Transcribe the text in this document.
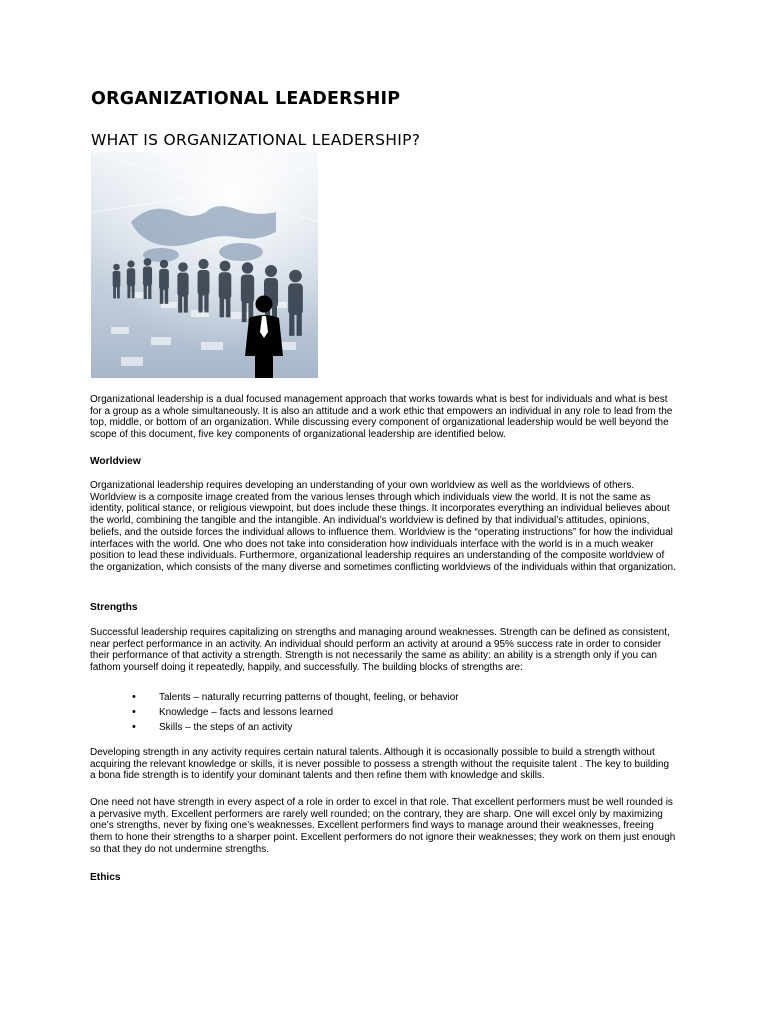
ORGANIZATIONAL LEADERSHIP
WHAT IS ORGANIZATIONAL LEADERSHIP?

Organizational leadership is a dual focused management approach that works towards what is best for individuals and what is best for a group as a whole simultaneously. It is also an attitude and a work ethic that empowers an individual in any role to lead from the top, middle, or bottom of an organization. While discussing every component of organizational leadership would be well beyond the scope of this document, five key components of organizational leadership are identified below.

Worldview

Organizational leadership requires developing an understanding of your own worldview as well as the worldviews of others. Worldview is a composite image created from the various lenses through which individuals view the world. It is not the same as identity, political stance, or religious viewpoint, but does include these things. It incorporates everything an individual believes about the world, combining the tangible and the intangible. An individual’s worldview is defined by that individual’s attitudes, opinions, beliefs, and the outside forces the individual allows to influence them. Worldview is the “operating instructions” for how the individual interfaces with the world. One who does not take into consideration how individuals interface with the world is in a much weaker position to lead these individuals. Furthermore, organizational leadership requires an understanding of the composite worldview of the organization, which consists of the many diverse and sometimes conflicting worldviews of the individuals within that organization.

Strengths

Successful leadership requires capitalizing on strengths and managing around weaknesses. Strength can be defined as consistent, near perfect performance in an activity. An individual should perform an activity at around a 95% success rate in order to consider their performance of that activity a strength. Strength is not necessarily the same as ability: an ability is a strength only if you can fathom yourself doing it repeatedly, happily, and successfully. The building blocks of strengths are:

• Talents – naturally recurring patterns of thought, feeling, or behavior
• Knowledge – facts and lessons learned
• Skills – the steps of an activity

Developing strength in any activity requires certain natural talents. Although it is occasionally possible to build a strength without acquiring the relevant knowledge or skills, it is never possible to possess a strength without the requisite talent . The key to building a bona fide strength is to identify your dominant talents and then refine them with knowledge and skills.

One need not have strength in every aspect of a role in order to excel in that role. That excellent performers must be well rounded is a pervasive myth. Excellent performers are rarely well rounded; on the contrary, they are sharp. One will excel only by maximizing one’s strengths, never by fixing one’s weaknesses. Excellent performers find ways to manage around their weaknesses, freeing them to hone their strengths to a sharper point. Excellent performers do not ignore their weaknesses; they work on them just enough so that they do not undermine strengths.

Ethics
